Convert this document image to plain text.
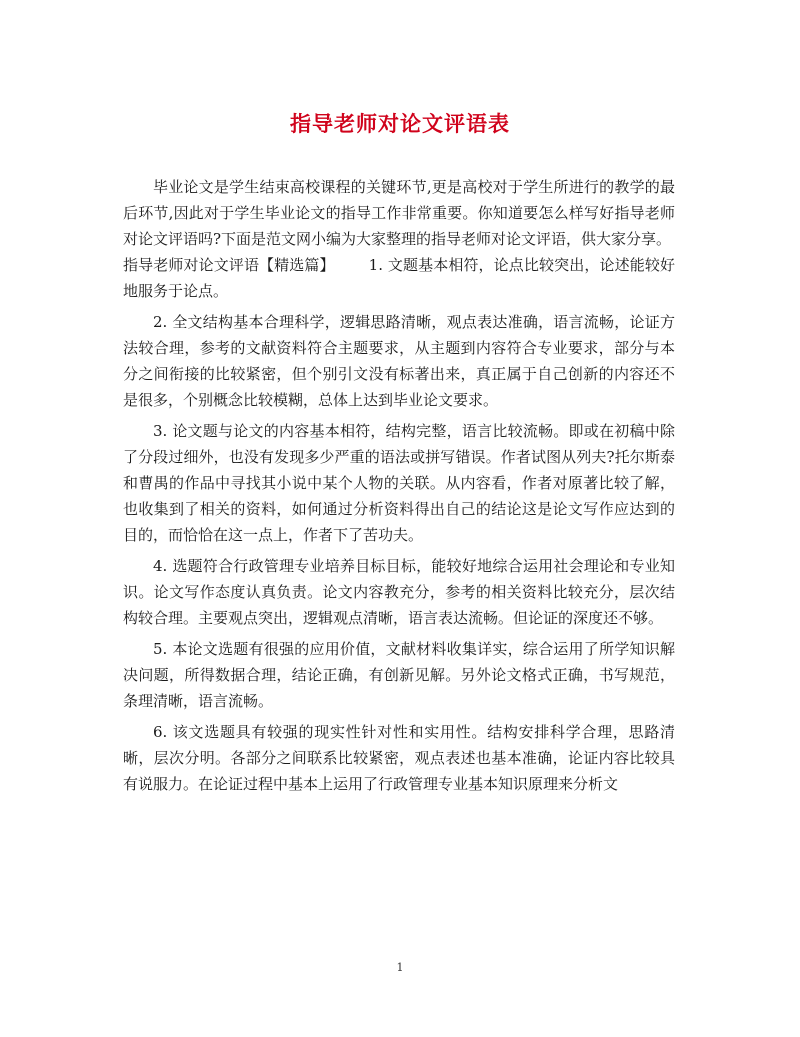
指导老师对论文评语表

毕业论文是学生结束高校课程的关键环节,更是高校对于学生所进行的教学的最后环节,因此对于学生毕业论文的指导工作非常重要。你知道要怎么样写好指导老师对论文评语吗?下面是范文网小编为大家整理的指导老师对论文评语，供大家分享。

指导老师对论文评语【精选篇】 1. 文题基本相符，论点比较突出，论述能较好地服务于论点。

2. 全文结构基本合理科学，逻辑思路清晰，观点表达准确，语言流畅，论证方法较合理，参考的文献资料符合主题要求，从主题到内容符合专业要求，部分与本分之间衔接的比较紧密，但个别引文没有标著出来，真正属于自己创新的内容还不是很多，个别概念比较模糊，总体上达到毕业论文要求。

3. 论文题与论文的内容基本相符，结构完整，语言比较流畅。即或在初稿中除了分段过细外，也没有发现多少严重的语法或拼写错误。作者试图从列夫?托尔斯泰和曹禺的作品中寻找其小说中某个人物的关联。从内容看，作者对原著比较了解，也收集到了相关的资料，如何通过分析资料得出自己的结论这是论文写作应达到的目的，而恰恰在这一点上，作者下了苦功夫。

4. 选题符合行政管理专业培养目标目标，能较好地综合运用社会理论和专业知识。论文写作态度认真负责。论文内容教充分，参考的相关资料比较充分，层次结构较合理。主要观点突出，逻辑观点清晰，语言表达流畅。但论证的深度还不够。

5. 本论文选题有很强的应用价值，文献材料收集详实，综合运用了所学知识解决问题，所得数据合理，结论正确，有创新见解。另外论文格式正确，书写规范，条理清晰，语言流畅。

6. 该文选题具有较强的现实性针对性和实用性。结构安排科学合理，思路清晰，层次分明。各部分之间联系比较紧密，观点表述也基本准确，论证内容比较具有说服力。在论证过程中基本上运用了行政管理专业基本知识原理来分析文

1
